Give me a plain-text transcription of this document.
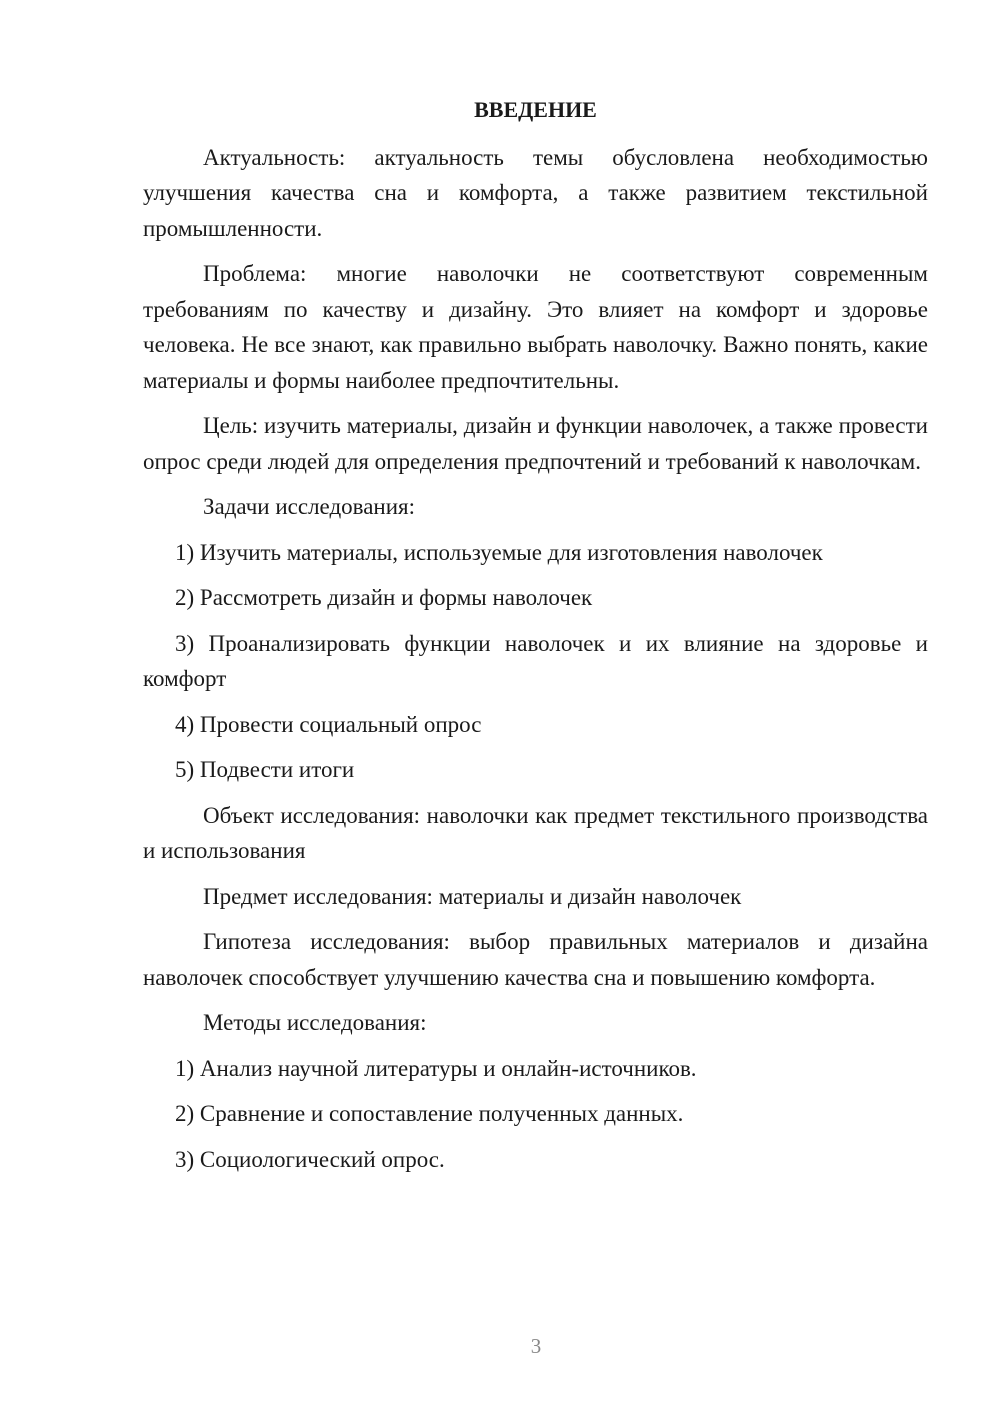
ВВЕДЕНИЕ

Актуальность: актуальность темы обусловлена необходимостью улучшения качества сна и комфорта, а также развитием текстильной промышленности.

Проблема: многие наволочки не соответствуют современным требованиям по качеству и дизайну. Это влияет на комфорт и здоровье человека. Не все знают, как правильно выбрать наволочку. Важно понять, какие материалы и формы наиболее предпочтительны.

Цель: изучить материалы, дизайн и функции наволочек, а также провести опрос среди людей для определения предпочтений и требований к наволочкам.

Задачи исследования:

1) Изучить материалы, используемые для изготовления наволочек

2) Рассмотреть дизайн и формы наволочек

3) Проанализировать функции наволочек и их влияние на здоровье и комфорт

4) Провести социальный опрос

5) Подвести итоги

Объект исследования: наволочки как предмет текстильного производства и использования

Предмет исследования: материалы и дизайн наволочек

Гипотеза исследования: выбор правильных материалов и дизайна наволочек способствует улучшению качества сна и повышению комфорта.

Методы исследования:

1) Анализ научной литературы и онлайн-источников.

2) Сравнение и сопоставление полученных данных.

3) Социологический опрос.

3
